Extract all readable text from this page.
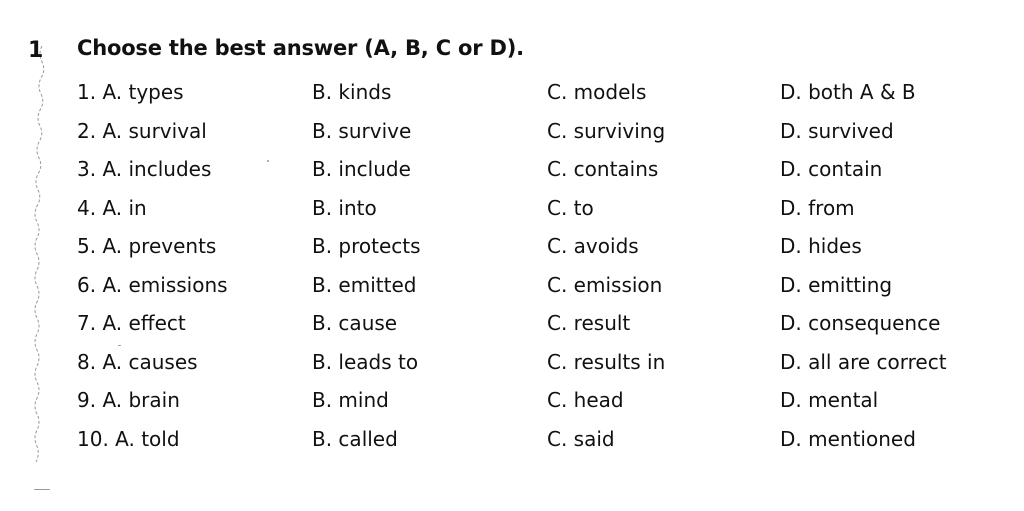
1 Choose the best answer (A, B, C or D).
1. A. types	B. kinds	C. models	D. both A & B
2. A. survival	B. survive	C. surviving	D. survived
3. A. includes	B. include	C. contains	D. contain
4. A. in	B. into	C. to	D. from
5. A. prevents	B. protects	C. avoids	D. hides
6. A. emissions	B. emitted	C. emission	D. emitting
7. A. effect	B. cause	C. result	D. consequence
8. A. causes	B. leads to	C. results in	D. all are correct
9. A. brain	B. mind	C. head	D. mental
10. A. told	B. called	C. said	D. mentioned
